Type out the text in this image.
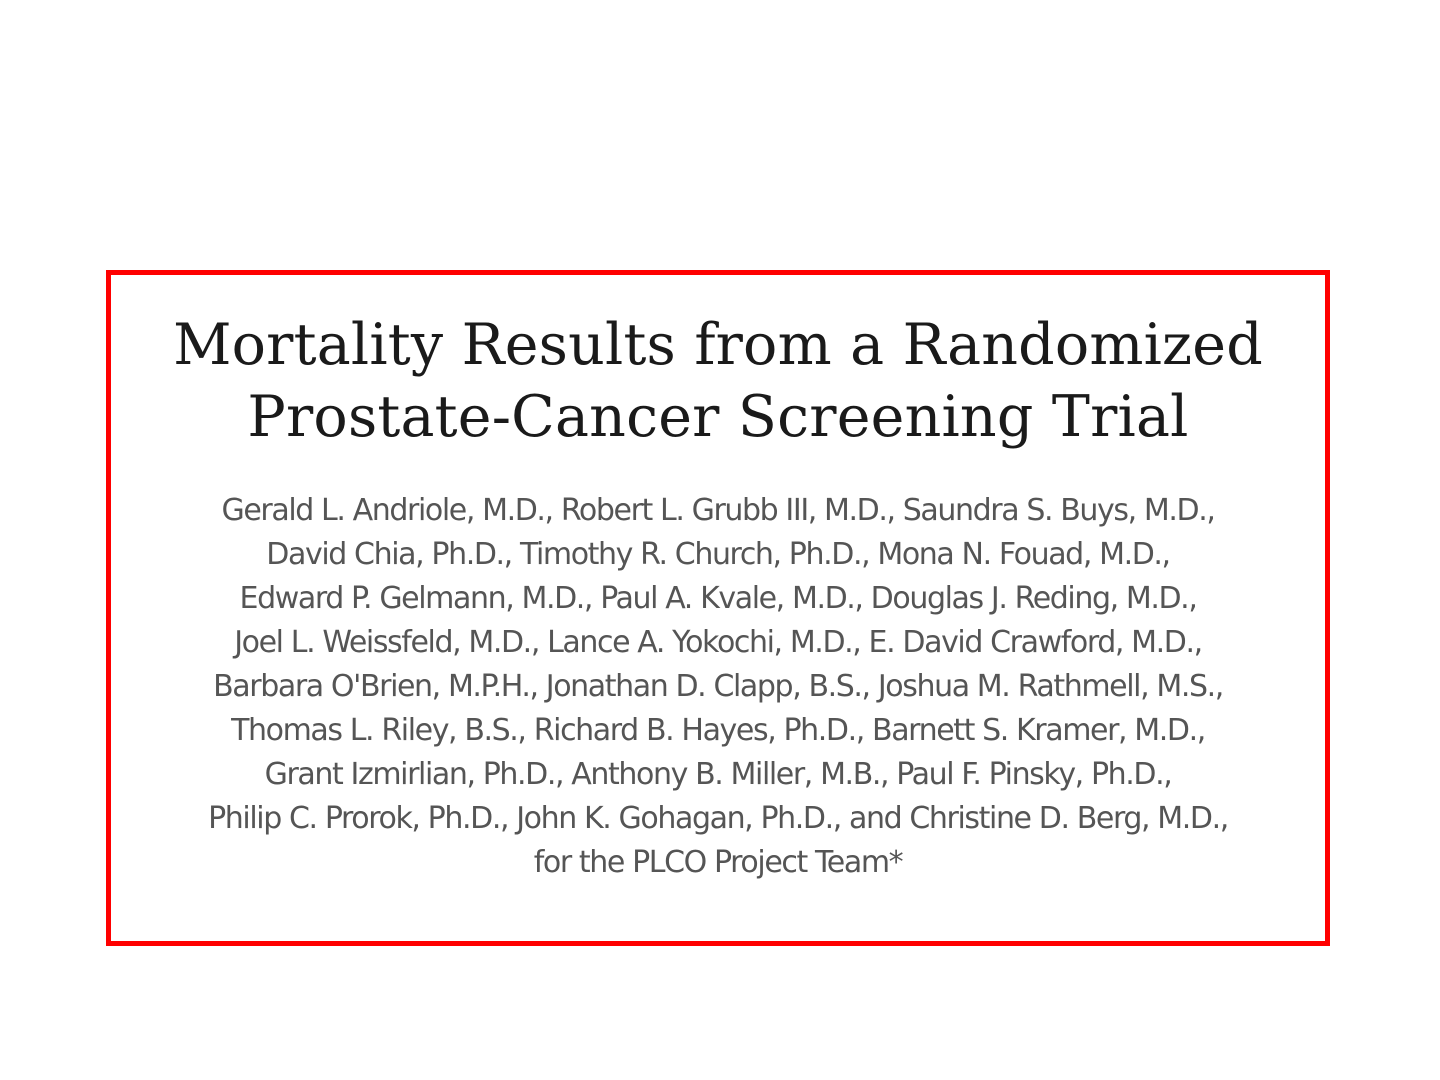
Mortality Results from a Randomized
Prostate-Cancer Screening Trial

Gerald L. Andriole, M.D., Robert L. Grubb III, M.D., Saundra S. Buys, M.D.,
David Chia, Ph.D., Timothy R. Church, Ph.D., Mona N. Fouad, M.D.,
Edward P. Gelmann, M.D., Paul A. Kvale, M.D., Douglas J. Reding, M.D.,
Joel L. Weissfeld, M.D., Lance A. Yokochi, M.D., E. David Crawford, M.D.,
Barbara O'Brien, M.P.H., Jonathan D. Clapp, B.S., Joshua M. Rathmell, M.S.,
Thomas L. Riley, B.S., Richard B. Hayes, Ph.D., Barnett S. Kramer, M.D.,
Grant Izmirlian, Ph.D., Anthony B. Miller, M.B., Paul F. Pinsky, Ph.D.,
Philip C. Prorok, Ph.D., John K. Gohagan, Ph.D., and Christine D. Berg, M.D.,
for the PLCO Project Team*
